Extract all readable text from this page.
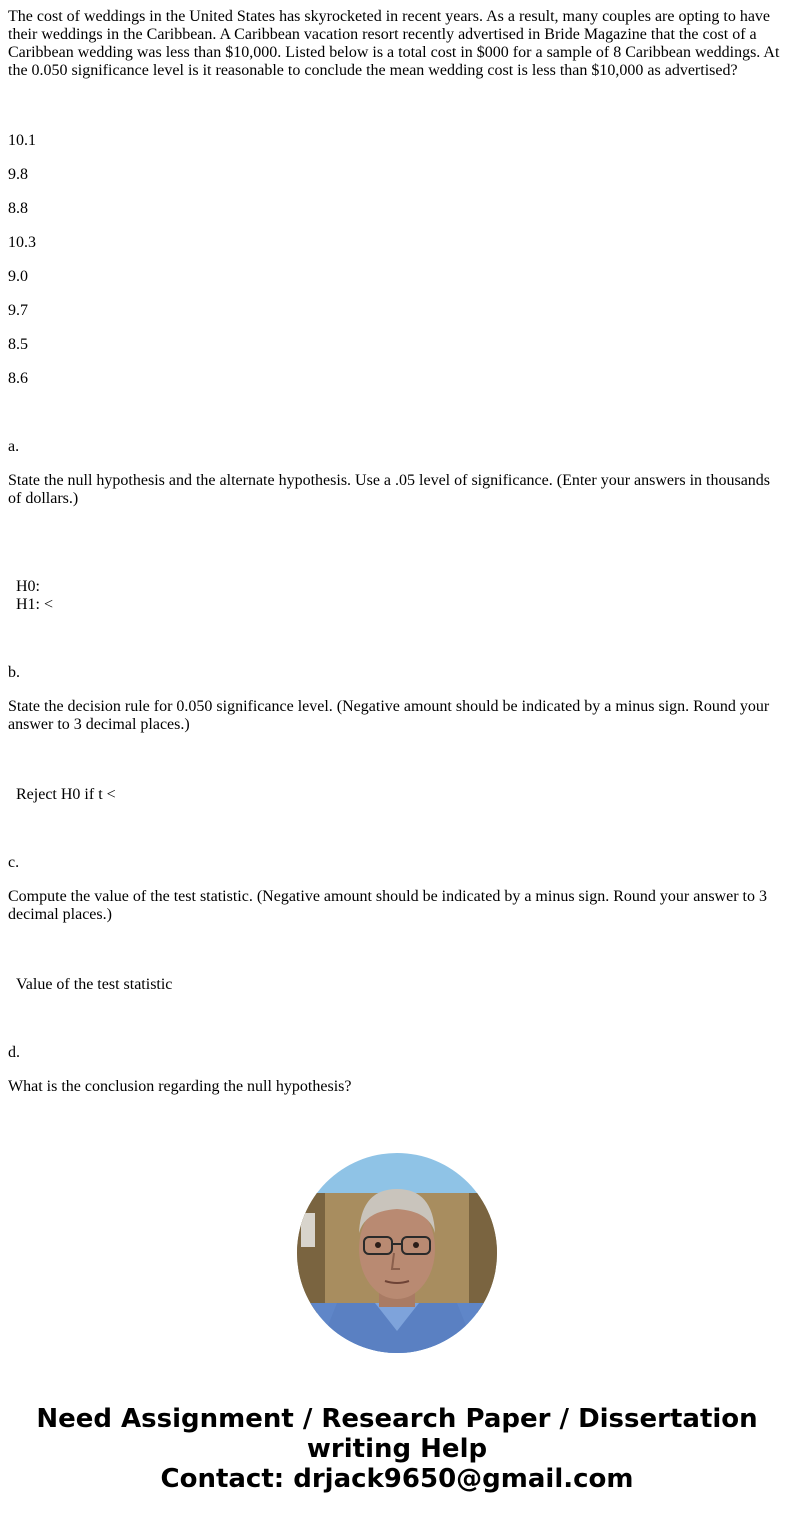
The cost of weddings in the United States has skyrocketed in recent years. As a result, many couples are opting to have their weddings in the Caribbean. A Caribbean vacation resort recently advertised in Bride Magazine that the cost of a Caribbean wedding was less than $10,000. Listed below is a total cost in $000 for a sample of 8 Caribbean weddings. At the 0.050 significance level is it reasonable to conclude the mean wedding cost is less than $10,000 as advertised?

10.1

9.8

8.8

10.3

9.0

9.7

8.5

8.6

a.

State the null hypothesis and the alternate hypothesis. Use a .05 level of significance. (Enter your answers in thousands of dollars.)

H0:

H1: <

b.

State the decision rule for 0.050 significance level. (Negative amount should be indicated by a minus sign. Round your answer to 3 decimal places.)

Reject H0 if t <

c.

Compute the value of the test statistic. (Negative amount should be indicated by a minus sign. Round your answer to 3 decimal places.)

Value of the test statistic

d.

What is the conclusion regarding the null hypothesis?

Need Assignment / Research Paper / Dissertation
writing Help
Contact: drjack9650@gmail.com
